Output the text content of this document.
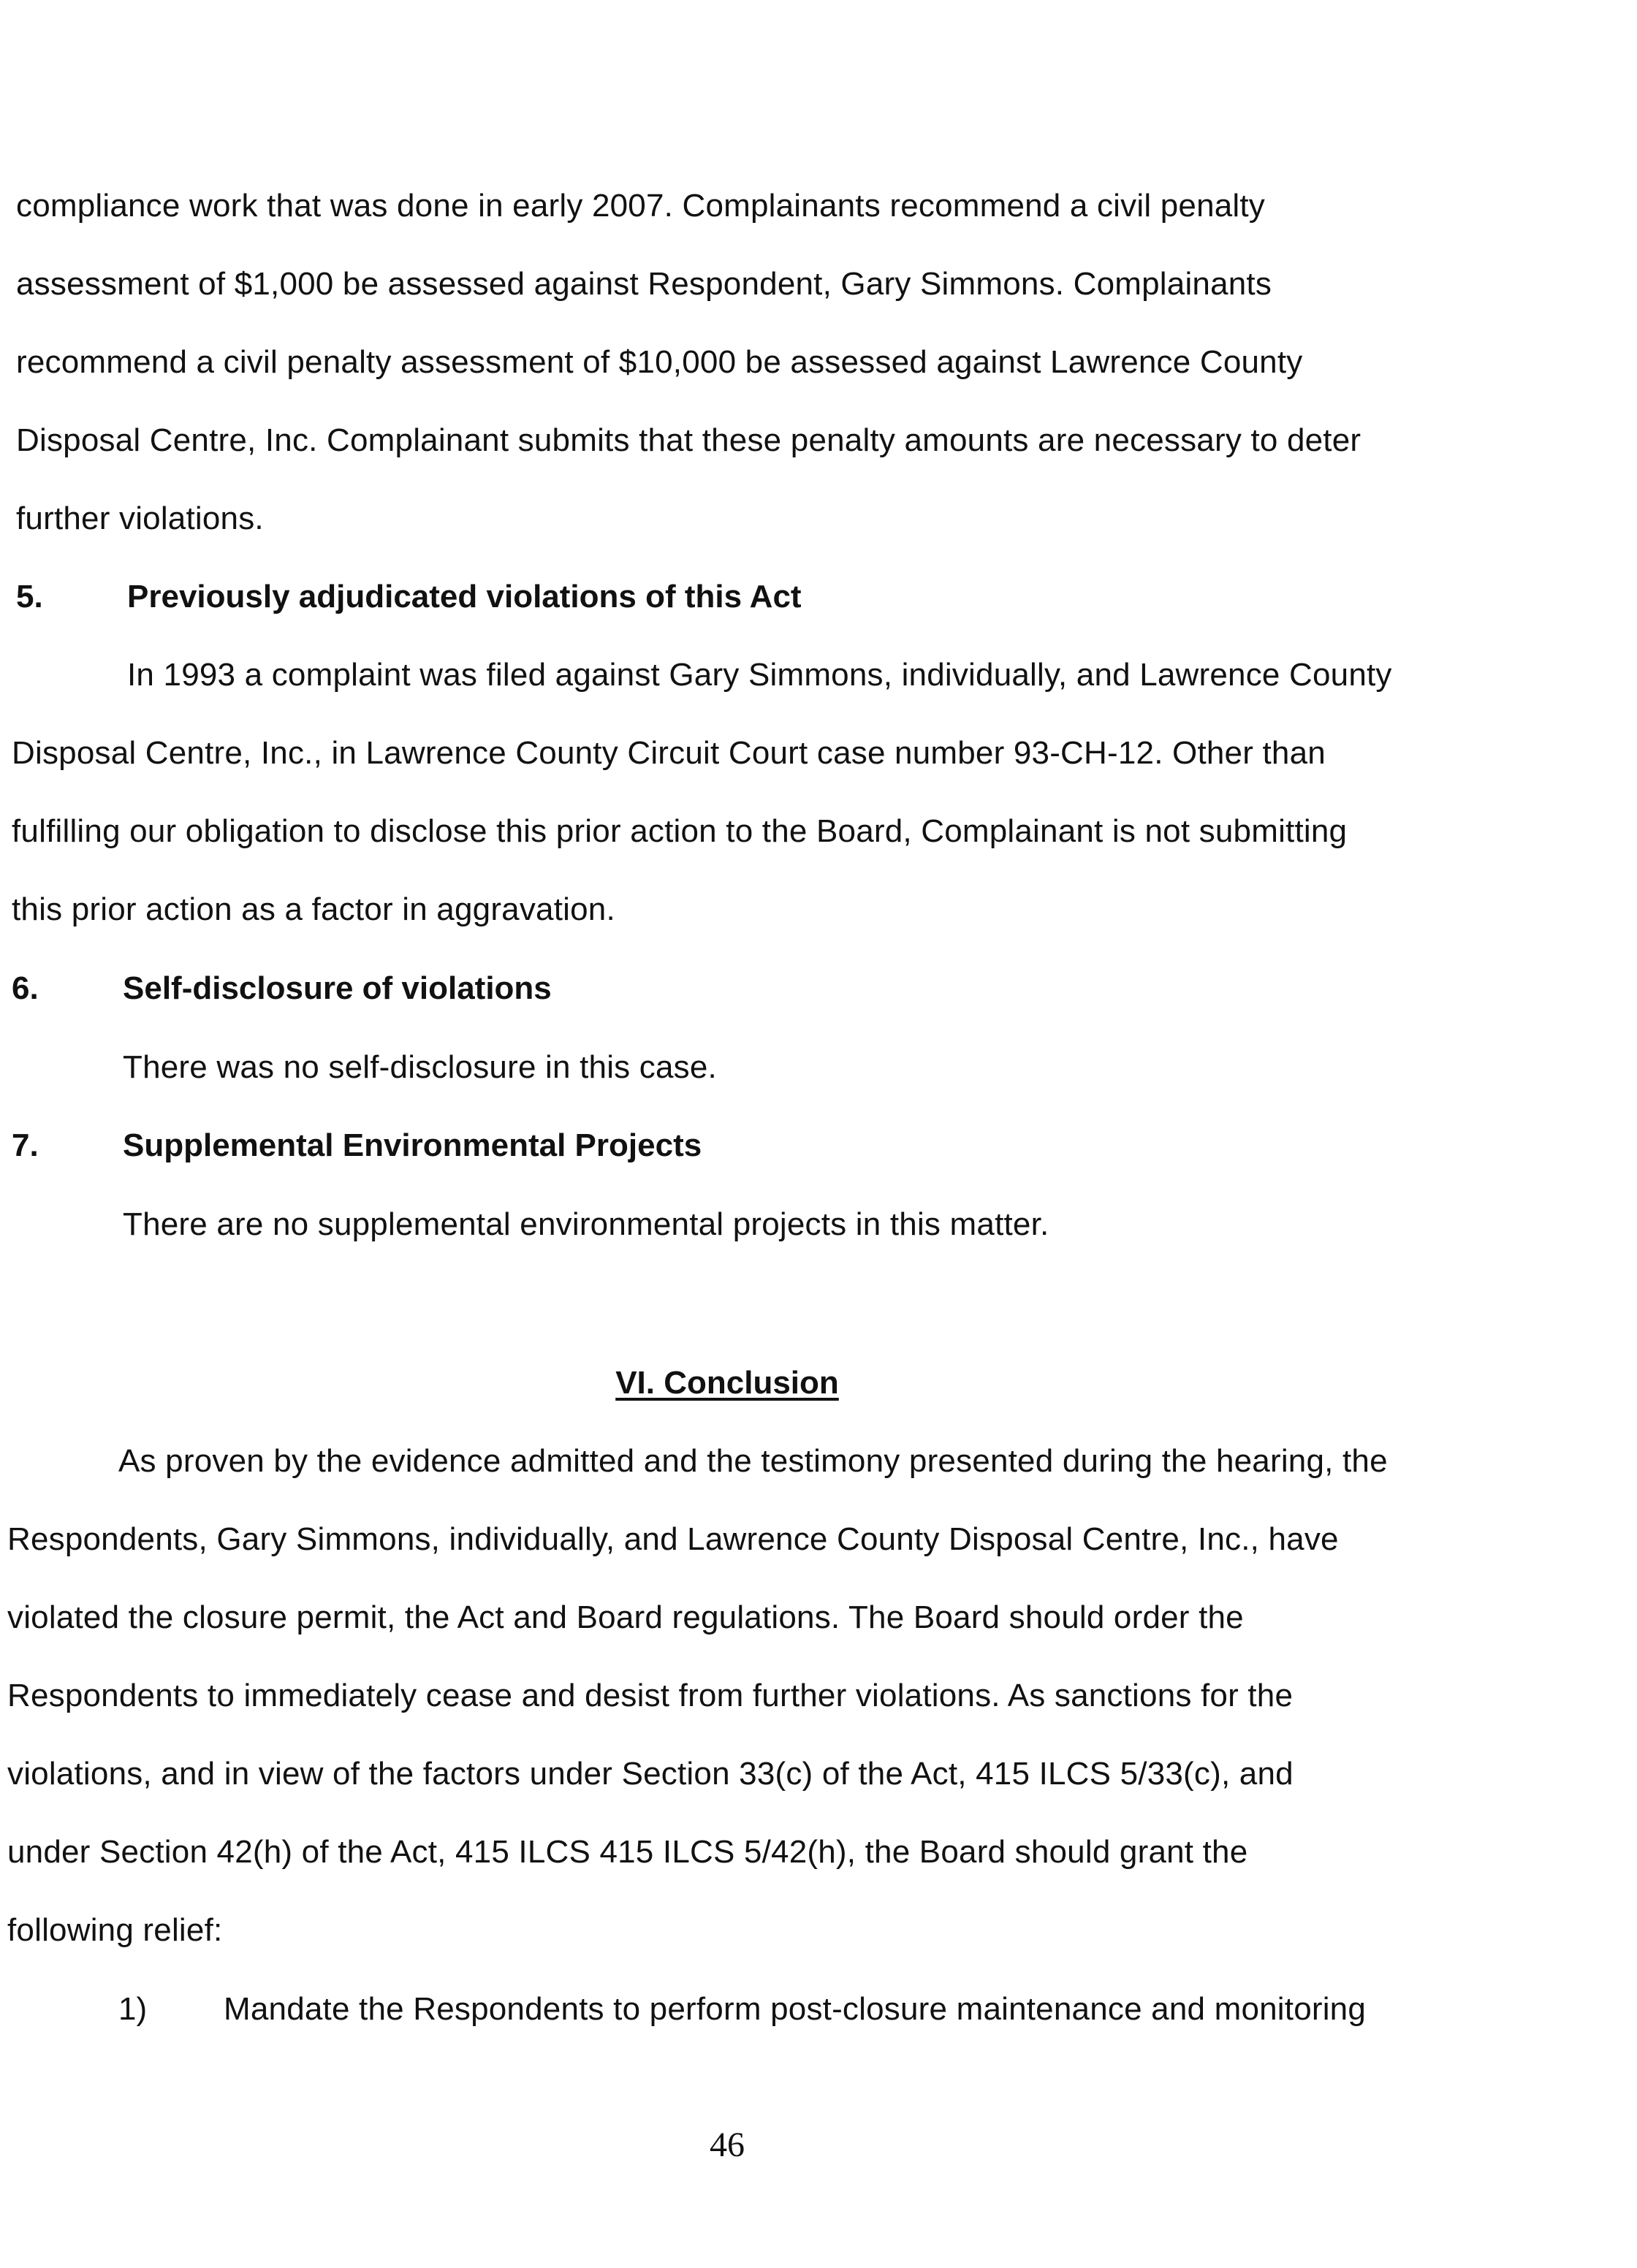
compliance work that was done in early 2007. Complainants recommend a civil penalty
assessment of $1,000 be assessed against Respondent, Gary Simmons. Complainants
recommend a civil penalty assessment of $10,000 be assessed against Lawrence County
Disposal Centre, Inc. Complainant submits that these penalty amounts are necessary to deter
further violations.
5.	Previously adjudicated violations of this Act
In 1993 a complaint was filed against Gary Simmons, individually, and Lawrence County
Disposal Centre, Inc., in Lawrence County Circuit Court case number 93-CH-12. Other than
fulfilling our obligation to disclose this prior action to the Board, Complainant is not submitting
this prior action as a factor in aggravation.
6.	Self-disclosure of violations
There was no self-disclosure in this case.
7.	Supplemental Environmental Projects
There are no supplemental environmental projects in this matter.
VI. Conclusion
As proven by the evidence admitted and the testimony presented during the hearing, the
Respondents, Gary Simmons, individually, and Lawrence County Disposal Centre, Inc., have
violated the closure permit, the Act and Board regulations. The Board should order the
Respondents to immediately cease and desist from further violations. As sanctions for the
violations, and in view of the factors under Section 33(c) of the Act, 415 ILCS 5/33(c), and
under Section 42(h) of the Act, 415 ILCS 415 ILCS 5/42(h), the Board should grant the
following relief:
1) Mandate the Respondents to perform post-closure maintenance and monitoring
46
